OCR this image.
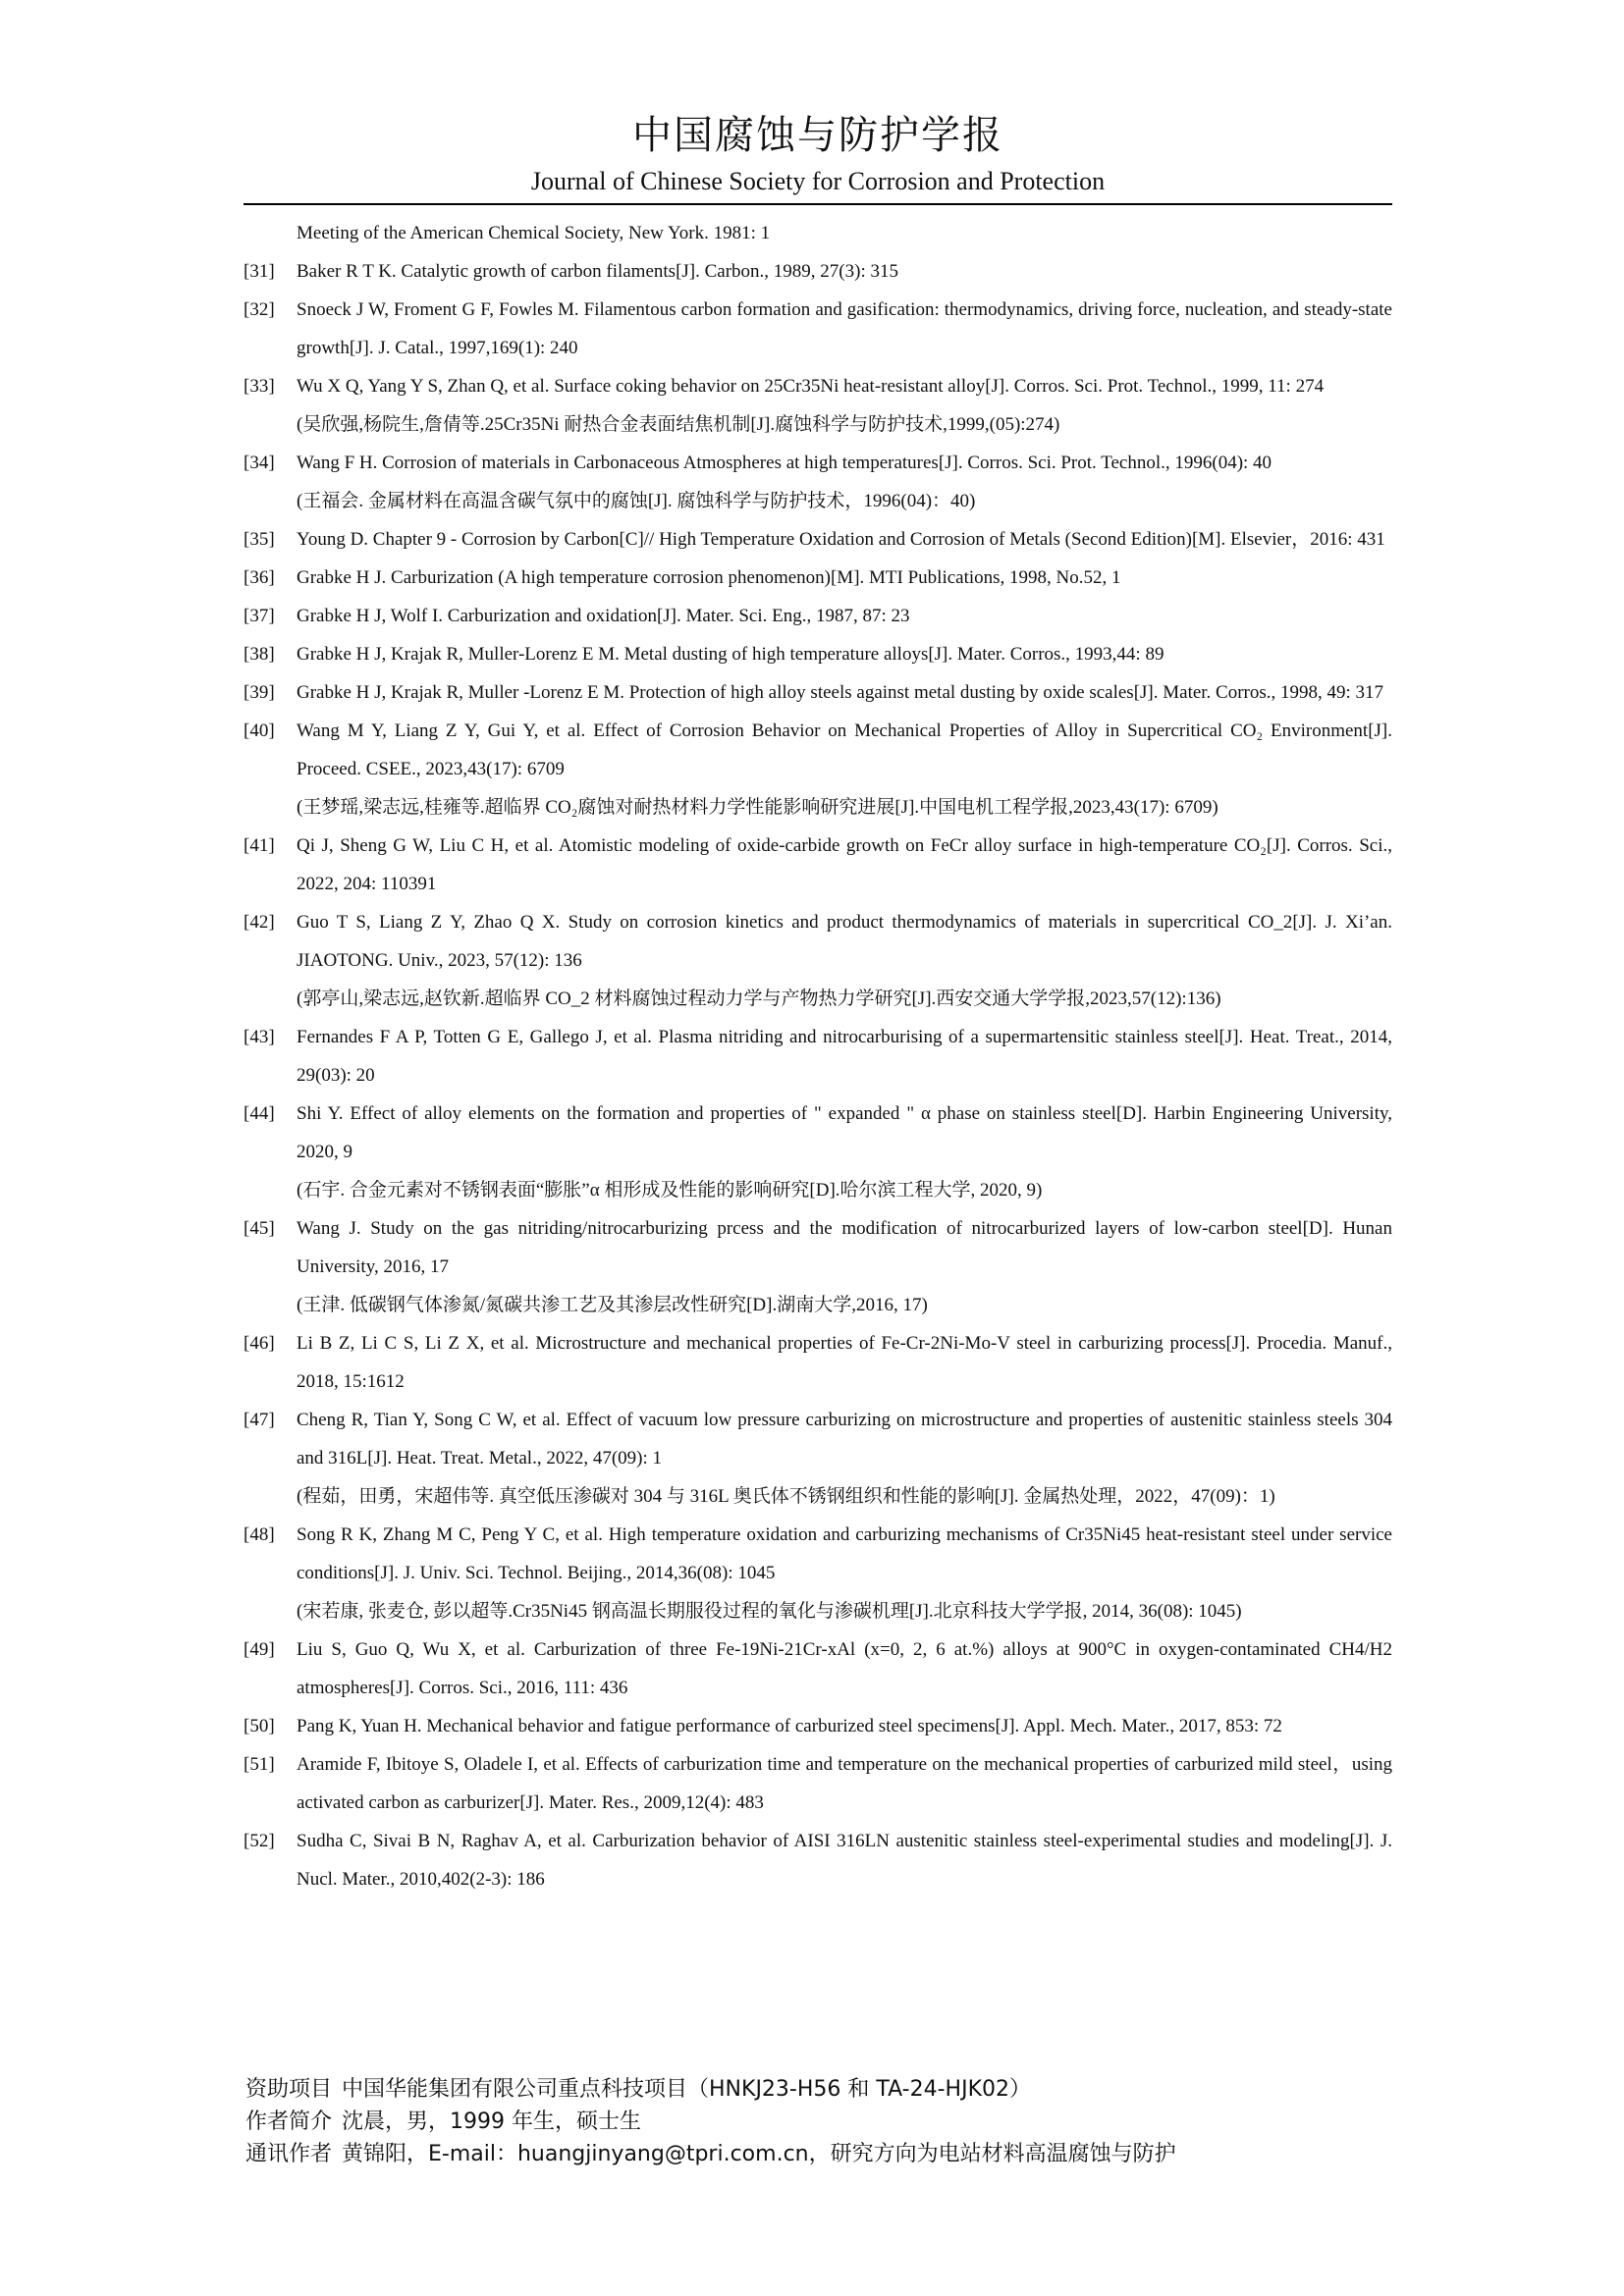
中国腐蚀与防护学报
Journal of Chinese Society for Corrosion and Protection
Meeting of the American Chemical Society, New York. 1981: 1
[31] Baker R T K. Catalytic growth of carbon filaments[J]. Carbon., 1989, 27(3): 315
[32] Snoeck J W, Froment G F, Fowles M. Filamentous carbon formation and gasification: thermodynamics, driving force, nucleation, and steady-state growth[J]. J. Catal., 1997,169(1): 240
[33] Wu X Q, Yang Y S, Zhan Q, et al. Surface coking behavior on 25Cr35Ni heat-resistant alloy[J]. Corros. Sci. Prot. Technol., 1999, 11: 274
(吴欣强,杨院生,詹倩等.25Cr35Ni 耐热合金表面结焦机制[J].腐蚀科学与防护技术,1999,(05):274)
[34] Wang F H. Corrosion of materials in Carbonaceous Atmospheres at high temperatures[J]. Corros. Sci. Prot. Technol., 1996(04): 40
(王福会. 金属材料在高温含碳气氛中的腐蚀[J]. 腐蚀科学与防护技术，1996(04)：40)
[35] Young D. Chapter 9 - Corrosion by Carbon[C]// High Temperature Oxidation and Corrosion of Metals (Second Edition)[M]. Elsevier，2016: 431
[36] Grabke H J. Carburization (A high temperature corrosion phenomenon)[M]. MTI Publications, 1998, No.52, 1
[37] Grabke H J, Wolf I. Carburization and oxidation[J]. Mater. Sci. Eng., 1987, 87: 23
[38] Grabke H J, Krajak R, Muller-Lorenz E M. Metal dusting of high temperature alloys[J]. Mater. Corros., 1993,44: 89
[39] Grabke H J, Krajak R, Muller -Lorenz E M. Protection of high alloy steels against metal dusting by oxide scales[J]. Mater. Corros., 1998, 49: 317
[40] Wang M Y, Liang Z Y, Gui Y, et al. Effect of Corrosion Behavior on Mechanical Properties of Alloy in Supercritical CO₂ Environment[J]. Proceed. CSEE., 2023,43(17): 6709
(王梦瑶,梁志远,桂雍等.超临界 CO₂腐蚀对耐热材料力学性能影响研究进展[J].中国电机工程学报,2023,43(17): 6709)
[41] Qi J, Sheng G W, Liu C H, et al. Atomistic modeling of oxide-carbide growth on FeCr alloy surface in high-temperature CO₂[J]. Corros. Sci., 2022, 204: 110391
[42] Guo T S, Liang Z Y, Zhao Q X. Study on corrosion kinetics and product thermodynamics of materials in supercritical CO_2[J]. J. Xi’an. JIAOTONG. Univ., 2023, 57(12): 136
(郭亭山,梁志远,赵钦新.超临界 CO_2 材料腐蚀过程动力学与产物热力学研究[J].西安交通大学学报,2023,57(12):136)
[43] Fernandes F A P, Totten G E, Gallego J, et al. Plasma nitriding and nitrocarburising of a supermartensitic stainless steel[J]. Heat. Treat., 2014, 29(03): 20
[44] Shi Y. Effect of alloy elements on the formation and properties of " expanded " α phase on stainless steel[D]. Harbin Engineering University, 2020, 9
(石宇. 合金元素对不锈钢表面“膨胀”α 相形成及性能的影响研究[D].哈尔滨工程大学, 2020, 9)
[45] Wang J. Study on the gas nitriding/nitrocarburizing prcess and the modification of nitrocarburized layers of low-carbon steel[D]. Hunan University, 2016, 17
(王津. 低碳钢气体渗氮/氮碳共渗工艺及其渗层改性研究[D].湖南大学,2016, 17)
[46] Li B Z, Li C S, Li Z X, et al. Microstructure and mechanical properties of Fe-Cr-2Ni-Mo-V steel in carburizing process[J]. Procedia. Manuf., 2018, 15:1612
[47] Cheng R, Tian Y, Song C W, et al. Effect of vacuum low pressure carburizing on microstructure and properties of austenitic stainless steels 304 and 316L[J]. Heat. Treat. Metal., 2022, 47(09): 1
(程茹，田勇，宋超伟等. 真空低压渗碳对 304 与 316L 奥氏体不锈钢组织和性能的影响[J]. 金属热处理，2022，47(09)：1)
[48] Song R K, Zhang M C, Peng Y C, et al. High temperature oxidation and carburizing mechanisms of Cr35Ni45 heat-resistant steel under service conditions[J]. J. Univ. Sci. Technol. Beijing., 2014,36(08): 1045
(宋若康, 张麦仓, 彭以超等.Cr35Ni45 钢高温长期服役过程的氧化与渗碳机理[J].北京科技大学学报, 2014, 36(08): 1045)
[49] Liu S, Guo Q, Wu X, et al. Carburization of three Fe-19Ni-21Cr-xAl (x=0, 2, 6 at.%) alloys at 900°C in oxygen-contaminated CH4/H2 atmospheres[J]. Corros. Sci., 2016, 111: 436
[50] Pang K, Yuan H. Mechanical behavior and fatigue performance of carburized steel specimens[J]. Appl. Mech. Mater., 2017, 853: 72
[51] Aramide F, Ibitoye S, Oladele I, et al. Effects of carburization time and temperature on the mechanical properties of carburized mild steel，using activated carbon as carburizer[J]. Mater. Res., 2009,12(4): 483
[52] Sudha C, Sivai B N, Raghav A, et al. Carburization behavior of AISI 316LN austenitic stainless steel-experimental studies and modeling[J]. J. Nucl. Mater., 2010,402(2-3): 186
资助项目 中国华能集团有限公司重点科技项目（HNKJ23-H56 和 TA-24-HJK02）
作者简介 沈晨，男，1999 年生，硕士生
通讯作者 黄锦阳，E-mail：huangjinyang@tpri.com.cn，研究方向为电站材料高温腐蚀与防护
